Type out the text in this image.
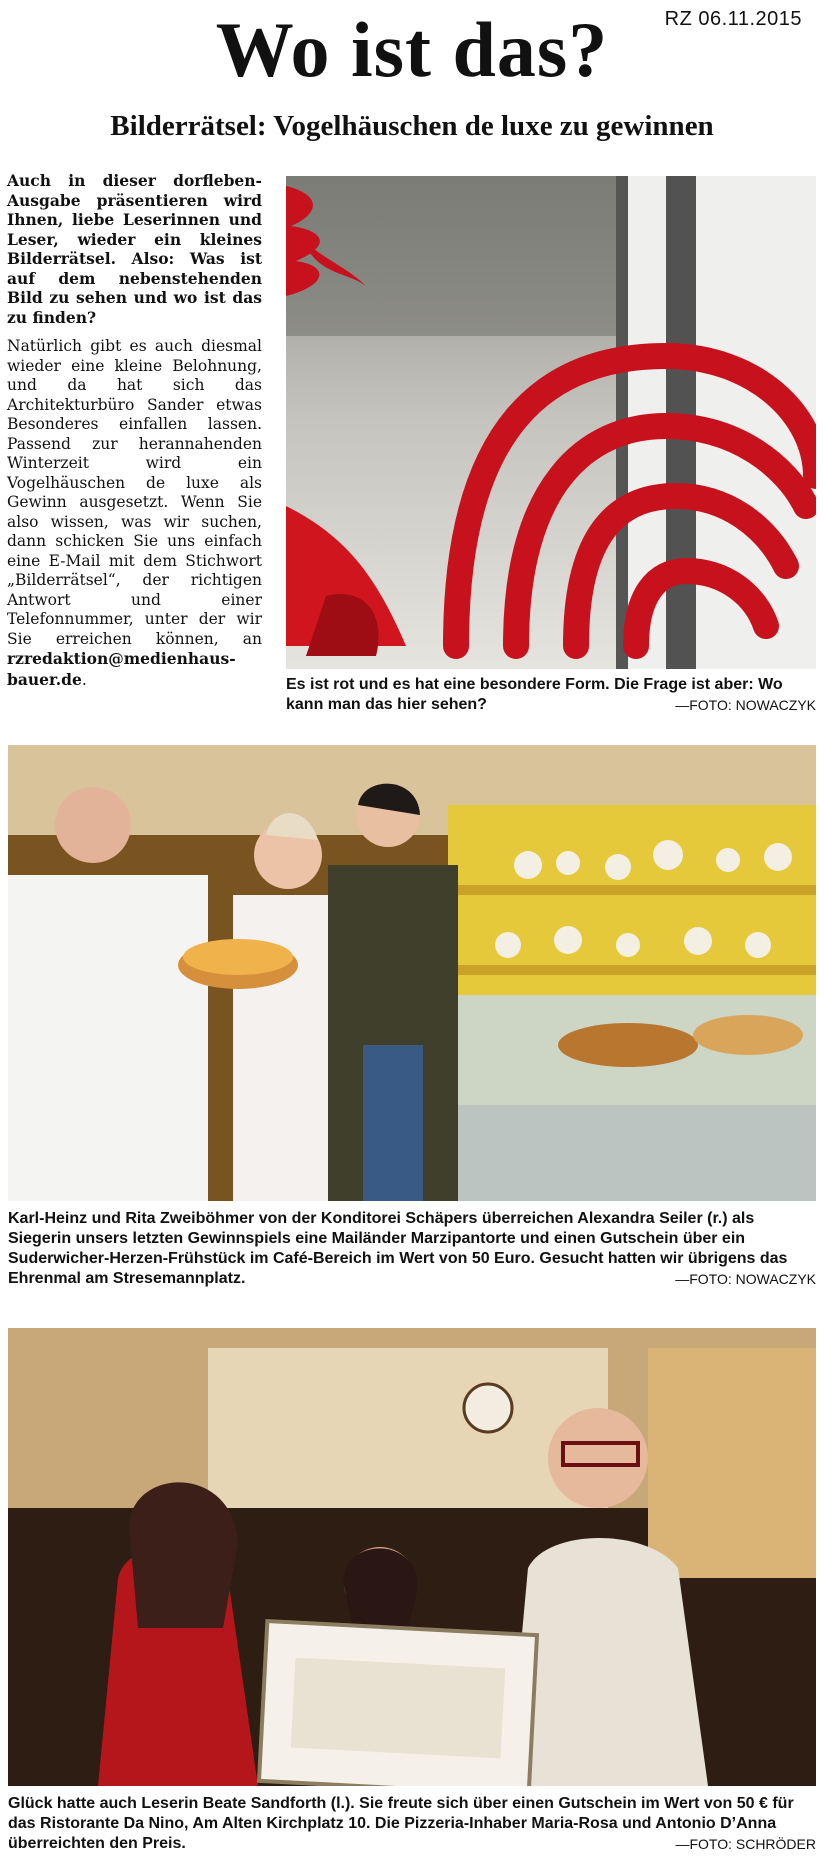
RZ 06.11.2015
Wo ist das?
Bilderrätsel: Vogelhäuschen de luxe zu gewinnen

Auch in dieser dorfleben-Ausgabe präsentieren wird Ihnen, liebe Leserinnen und Leser, wieder ein kleines Bilderrätsel. Also: Was ist auf dem nebenstehenden Bild zu sehen und wo ist das zu finden?

Natürlich gibt es auch diesmal wieder eine kleine Belohnung, und da hat sich das Architekturbüro Sander etwas Besonderes einfallen lassen. Passend zur herannahenden Winterzeit wird ein Vogelhäuschen de luxe als Gewinn ausgesetzt. Wenn Sie also wissen, was wir suchen, dann schicken Sie uns einfach eine E-Mail mit dem Stichwort „Bilderrätsel“, der richtigen Antwort und einer Telefonnummer, unter der wir Sie erreichen können, an rzredaktion@medienhaus-bauer.de.	Es ist rot und es hat eine besondere Form. Die Frage ist aber: Wo kann man das hier sehen?	—FOTO: NOWACZYK
Karl-Heinz und Rita Zweiböhmer von der Konditorei Schäpers überreichen Alexandra Seiler (r.) als Siegerin unsers letzten Gewinnspiels eine Mailänder Marzipantorte und einen Gutschein über ein Suderwicher-Herzen-Frühstück im Café-Bereich im Wert von 50 Euro. Gesucht hatten wir übrigens das Ehrenmal am Stresemannplatz.	—FOTO: NOWACZYK
Glück hatte auch Leserin Beate Sandforth (l.). Sie freute sich über einen Gutschein im Wert von 50 € für das Ristorante Da Nino, Am Alten Kirchplatz 10. Die Pizzeria-Inhaber Maria-Rosa und Antonio D’Anna überreichten den Preis.	—FOTO: SCHRÖDER
